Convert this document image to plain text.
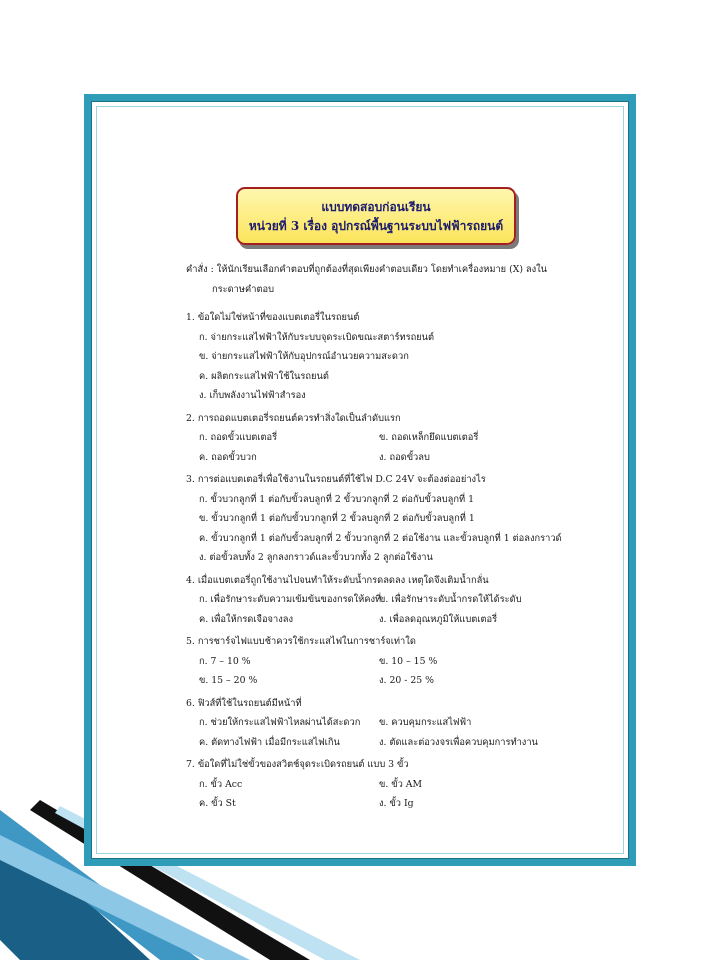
แบบทดสอบก่อนเรียน
หน่วยที่ 3 เรื่อง อุปกรณ์พื้นฐานระบบไฟฟ้ารถยนต์
คำสั่ง : ให้นักเรียนเลือกคำตอบที่ถูกต้องที่สุดเพียงคำตอบเดียว โดยทำเครื่องหมาย (X) ลงใน
กระดาษคำตอบ
1. ข้อใดไม่ใช่หน้าที่ของแบตเตอรี่ในรถยนต์
ก. จ่ายกระแสไฟฟ้าให้กับระบบจุดระเบิดขณะสตาร์ทรถยนต์
ข. จ่ายกระแสไฟฟ้าให้กับอุปกรณ์อำนวยความสะดวก
ค. ผลิตกระแสไฟฟ้าใช้ในรถยนต์
ง. เก็บพลังงานไฟฟ้าสำรอง
2. การถอดแบตเตอรี่รถยนต์ควรทำสิ่งใดเป็นลำดับแรก
ก. ถอดขั้วแบตเตอรี่	ข. ถอดเหล็กยึดแบตเตอรี่
ค. ถอดขั้วบวก	ง. ถอดขั้วลบ
3. การต่อแบตเตอรี่เพื่อใช้งานในรถยนต์ที่ใช้ไฟ D.C 24V จะต้องต่ออย่างไร
ก. ขั้วบวกลูกที่ 1 ต่อกับขั้วลบลูกที่ 2 ขั้วบวกลูกที่ 2 ต่อกับขั้วลบลูกที่ 1
ข. ขั้วบวกลูกที่ 1 ต่อกับขั้วบวกลูกที่ 2 ขั้วลบลูกที่ 2 ต่อกับขั้วลบลูกที่ 1
ค. ขั้วบวกลูกที่ 1 ต่อกับขั้วลบลูกที่ 2 ขั้วบวกลูกที่ 2 ต่อใช้งาน และขั้วลบลูกที่ 1 ต่อลงกราวด์
ง. ต่อขั้วลบทั้ง 2 ลูกลงกราวด์และขั้วบวกทั้ง 2 ลูกต่อใช้งาน
4. เมื่อแบตเตอรี่ถูกใช้งานไปจนทำให้ระดับน้ำกรดลดลง เหตุใดจึงเติมน้ำกลั่น
ก. เพื่อรักษาระดับความเข้มข้นของกรดให้คงที่
ข. เพื่อรักษาระดับน้ำกรดให้ได้ระดับ
ค. เพื่อให้กรดเจือจางลง	ง. เพื่อลดอุณหภูมิให้แบตเตอรี่
5. การชาร์จไฟแบบช้าควรใช้กระแสไฟในการชาร์จเท่าใด
ก. 7 – 10 %	ข. 10 – 15 %
ข. 15 – 20 %	ง. 20 - 25 %
6. ฟิวส์ที่ใช้ในรถยนต์มีหน้าที่
ก. ช่วยให้กระแสไฟฟ้าไหลผ่านได้สะดวก	ข. ควบคุมกระแสไฟฟ้า
ค. ตัดทางไฟฟ้า เมื่อมีกระแสไฟเกิน	ง. ตัดและต่อวงจรเพื่อควบคุมการทำงาน
7. ข้อใดที่ไม่ใช่ขั้วของสวิตช์จุดระเบิดรถยนต์ แบบ 3 ขั้ว
ก. ขั้ว Acc	ข. ขั้ว AM
ค. ขั้ว St	ง. ขั้ว Ig
